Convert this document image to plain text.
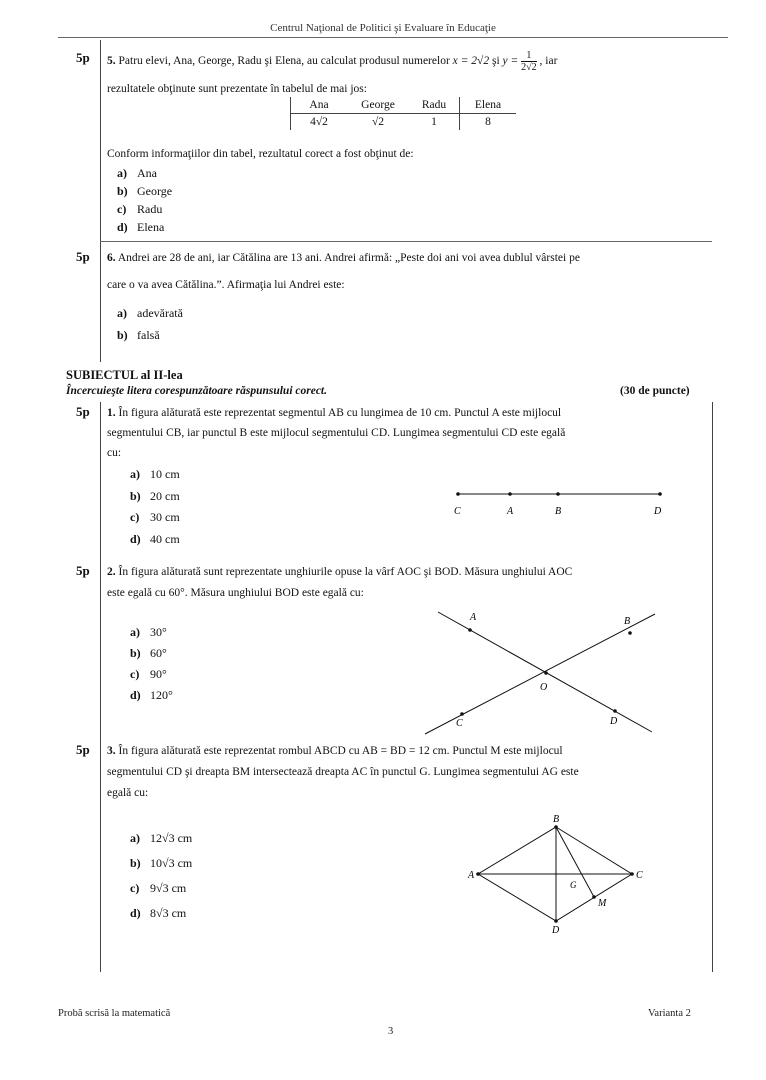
Centrul Naţional de Politici şi Evaluare în Educaţie
5p 5. Patru elevi, Ana, George, Radu şi Elena, au calculat produsul numerelor x = 2√2 şi $y = \frac{1}{2√2}$ , iar
rezultatele obţinute sunt prezentate în tabelul de mai jos:
Ana	George	Radu	Elena
4√2	√2	1	8
Conform informaţiilor din tabel, rezultatul corect a fost obţinut de:
a) Ana
b) George
c) Radu
d) Elena
5p 6. Andrei are 28 de ani, iar Cătălina are 13 ani. Andrei afirmă: „Peste doi ani voi avea dublul vârstei pe
care o va avea Cătălina.”. Afirmaţia lui Andrei este:
a) adevărată
b) falsă
SUBIECTUL al II-lea
Încercuieşte litera corespunzătoare răspunsului corect.	(30 de puncte)
5p 1. În figura alăturată este reprezentat segmentul AB cu lungimea de 10 cm. Punctul A este mijlocul
segmentului CB, iar punctul B este mijlocul segmentului CD. Lungimea segmentului CD este egală
cu:
a) 10 cm
b) 20 cm
c) 30 cm
d) 40 cm
C	A	B	D
5p 2. În figura alăturată sunt reprezentate unghiurile opuse la vârf AOC şi BOD. Măsura unghiului AOC
este egală cu 60°. Măsura unghiului BOD este egală cu:
a) 30°
b) 60°
c) 90°
d) 120°
A	B
O
C	D
5p 3. În figura alăturată este reprezentat rombul ABCD cu AB = BD = 12 cm. Punctul M este mijlocul
segmentului CD şi dreapta BM intersectează dreapta AC în punctul G. Lungimea segmentului AG este
egală cu:
a) 12√3 cm
b) 10√3 cm
c) 9√3 cm
d) 8√3 cm
B
A	C
G
M
D
Probă scrisă la matematică
3
Varianta 2
